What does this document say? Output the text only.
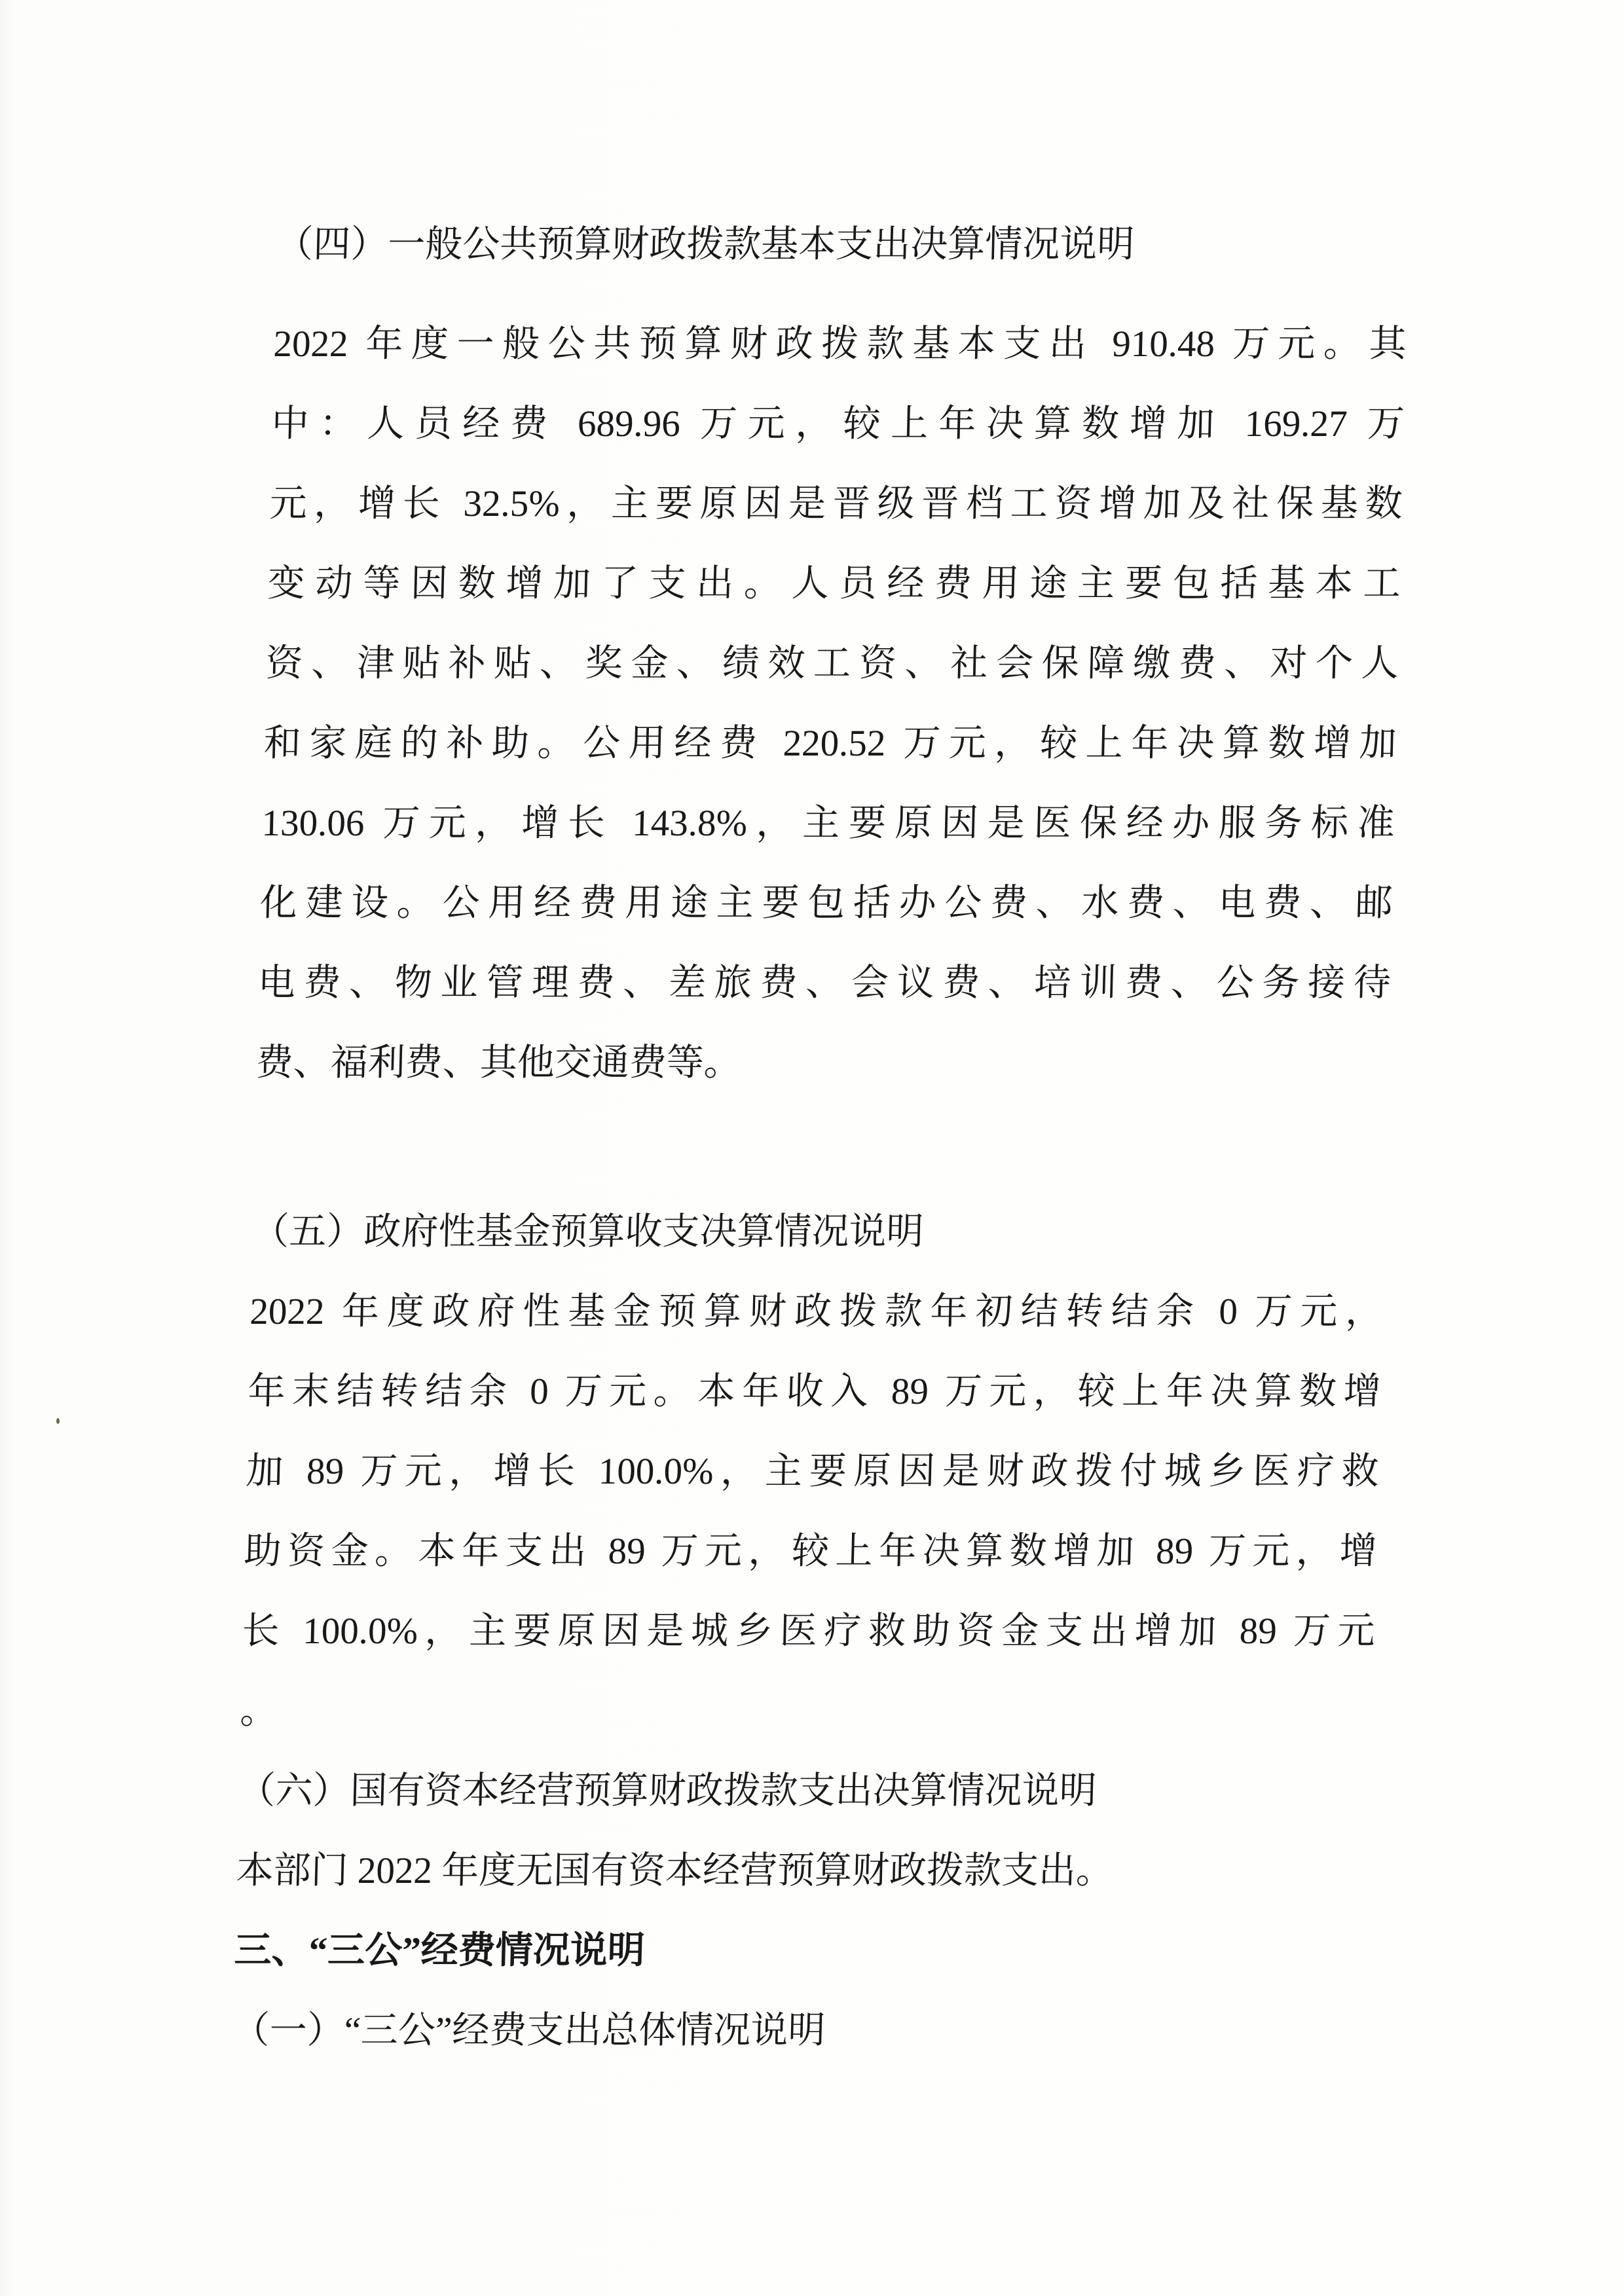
（四）一般公共预算财政拨款基本支出决算情况说明

2022 年度一般公共预算财政拨款基本支出 910.48 万元。其

中：人员经费 689.96 万元，较上年决算数增加 169.27 万

元，增长 32.5%，主要原因是晋级晋档工资增加及社保基数

变动等因数增加了支出。人员经费用途主要包括基本工

资、津贴补贴、奖金、绩效工资、社会保障缴费、对个人

和家庭的补助。公用经费 220.52 万元，较上年决算数增加

130.06 万元，增长 143.8%，主要原因是医保经办服务标准

化建设。公用经费用途主要包括办公费、水费、电费、邮

电费、物业管理费、差旅费、会议费、培训费、公务接待

费、福利费、其他交通费等。

（五）政府性基金预算收支决算情况说明

2022 年度政府性基金预算财政拨款年初结转结余 0 万元，

年末结转结余 0 万元。本年收入 89 万元，较上年决算数增

加 89 万元，增长 100.0%，主要原因是财政拨付城乡医疗救

助资金。本年支出 89 万元，较上年决算数增加 89 万元，增

长 100.0%，主要原因是城乡医疗救助资金支出增加 89 万元

。

（六）国有资本经营预算财政拨款支出决算情况说明

本部门 2022 年度无国有资本经营预算财政拨款支出。

三、“三公”经费情况说明

（一）“三公”经费支出总体情况说明
